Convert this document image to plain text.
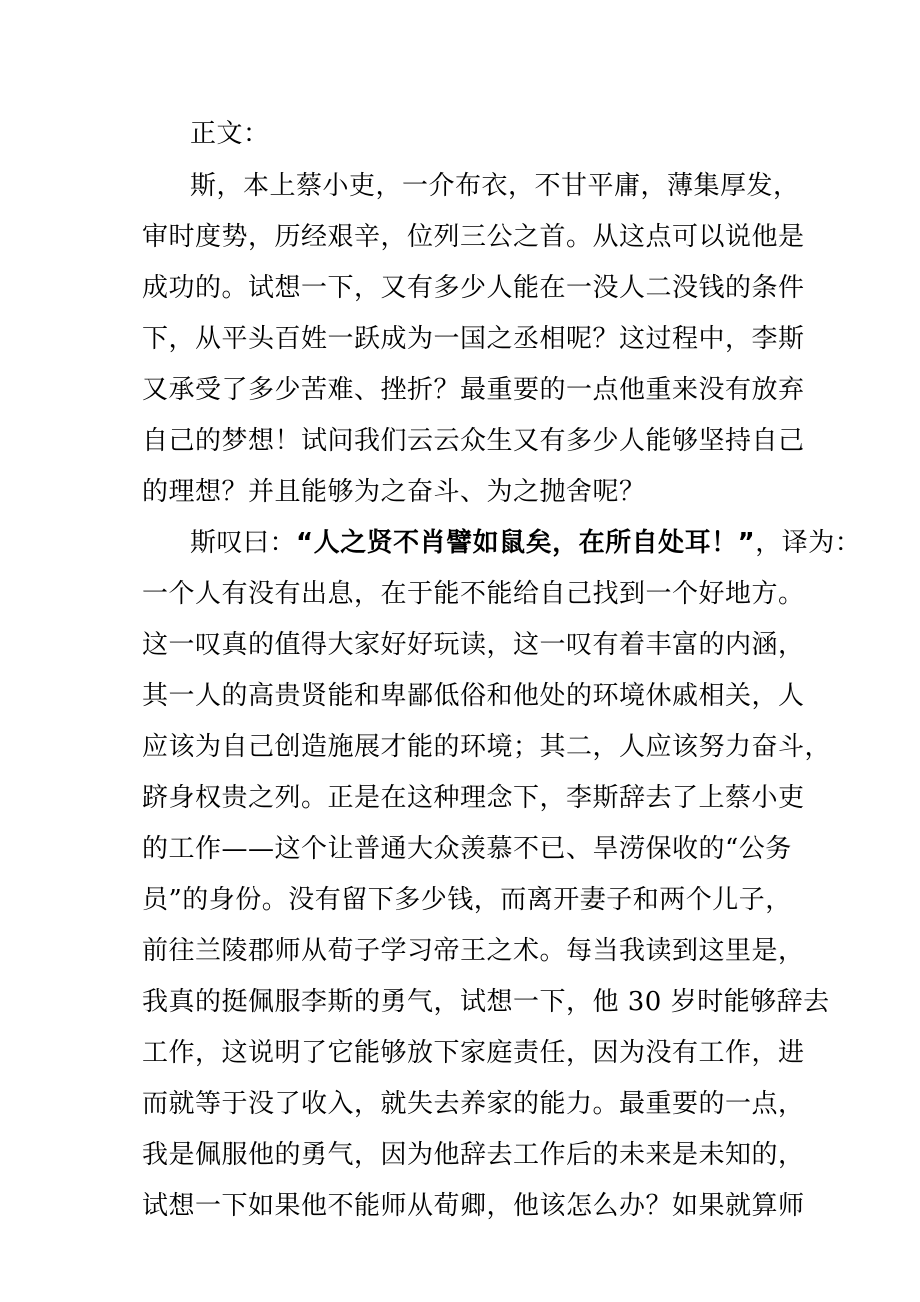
正文：
斯，本上蔡小吏，一介布衣，不甘平庸，薄集厚发，
审时度势，历经艰辛，位列三公之首。从这点可以说他是
成功的。试想一下，又有多少人能在一没人二没钱的条件
下，从平头百姓一跃成为一国之丞相呢？这过程中，李斯
又承受了多少苦难、挫折？最重要的一点他重来没有放弃
自己的梦想！试问我们云云众生又有多少人能够坚持自己
的理想？并且能够为之奋斗、为之抛舍呢？
斯叹曰：“人之贤不肖譬如鼠矣，在所自处耳！”，译为：
一个人有没有出息，在于能不能给自己找到一个好地方。
这一叹真的值得大家好好玩读，这一叹有着丰富的内涵，
其一人的高贵贤能和卑鄙低俗和他处的环境休戚相关，人
应该为自己创造施展才能的环境；其二，人应该努力奋斗，
跻身权贵之列。正是在这种理念下，李斯辞去了上蔡小吏
的工作——这个让普通大众羡慕不已、旱涝保收的“公务
员”的身份。没有留下多少钱，而离开妻子和两个儿子，
前往兰陵郡师从荀子学习帝王之术。每当我读到这里是，
我真的挺佩服李斯的勇气，试想一下，他 30 岁时能够辞去
工作，这说明了它能够放下家庭责任，因为没有工作，进
而就等于没了收入，就失去养家的能力。最重要的一点，
我是佩服他的勇气，因为他辞去工作后的未来是未知的，
试想一下如果他不能师从荀卿，他该怎么办？如果就算师
